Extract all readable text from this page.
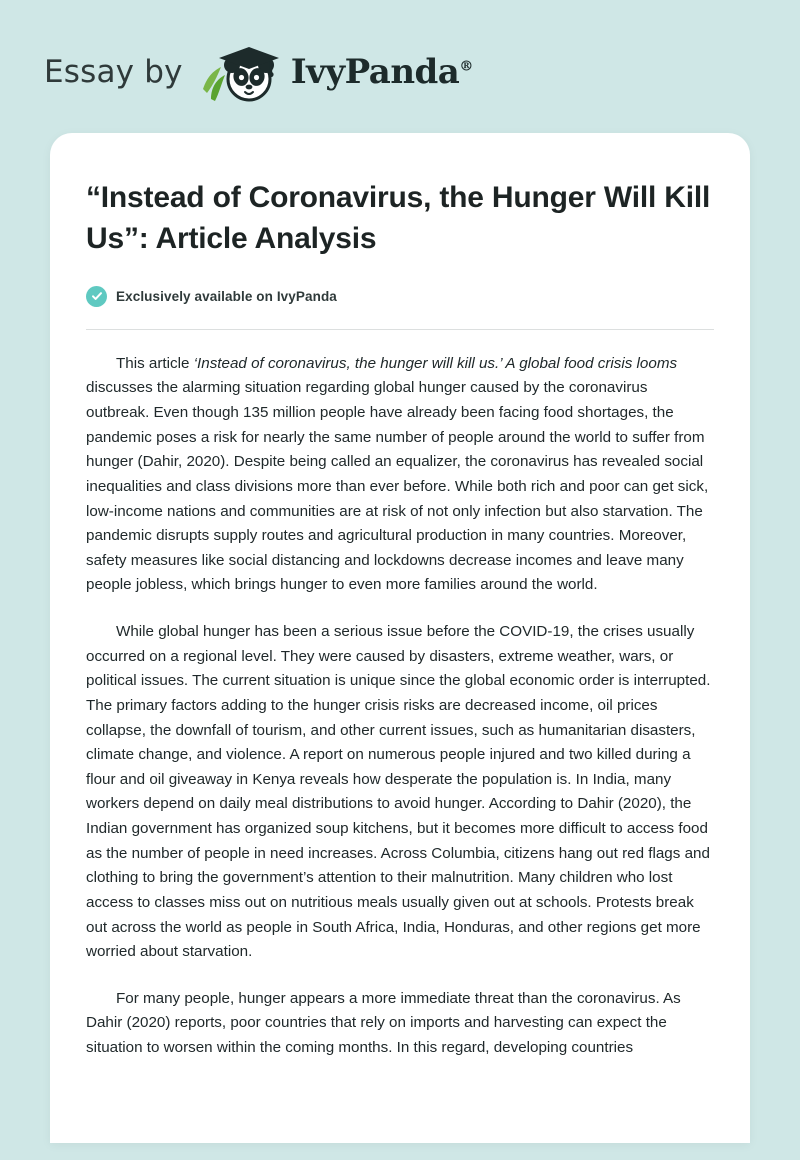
Essay by	IvyPanda®
“Instead of Coronavirus, the Hunger Will Kill Us”: Article Analysis
Exclusively available on IvyPanda

This article ‘Instead of coronavirus, the hunger will kill us.’ A global food crisis looms discusses the alarming situation regarding global hunger caused by the coronavirus outbreak. Even though 135 million people have already been facing food shortages, the pandemic poses a risk for nearly the same number of people around the world to suffer from hunger (Dahir, 2020). Despite being called an equalizer, the coronavirus has revealed social inequalities and class divisions more than ever before. While both rich and poor can get sick, low-income nations and communities are at risk of not only infection but also starvation. The pandemic disrupts supply routes and agricultural production in many countries. Moreover, safety measures like social distancing and lockdowns decrease incomes and leave many people jobless, which brings hunger to even more families around the world.

While global hunger has been a serious issue before the COVID-19, the crises usually occurred on a regional level. They were caused by disasters, extreme weather, wars, or political issues. The current situation is unique since the global economic order is interrupted. The primary factors adding to the hunger crisis risks are decreased income, oil prices collapse, the downfall of tourism, and other current issues, such as humanitarian disasters, climate change, and violence. A report on numerous people injured and two killed during a flour and oil giveaway in Kenya reveals how desperate the population is. In India, many workers depend on daily meal distributions to avoid hunger. According to Dahir (2020), the Indian government has organized soup kitchens, but it becomes more difficult to access food as the number of people in need increases. Across Columbia, citizens hang out red flags and clothing to bring the government’s attention to their malnutrition. Many children who lost access to classes miss out on nutritious meals usually given out at schools. Protests break out across the world as people in South Africa, India, Honduras, and other regions get more worried about starvation.

For many people, hunger appears a more immediate threat than the coronavirus. As Dahir (2020) reports, poor countries that rely on imports and harvesting can expect the situation to worsen within the coming months. In this regard, developing countries
